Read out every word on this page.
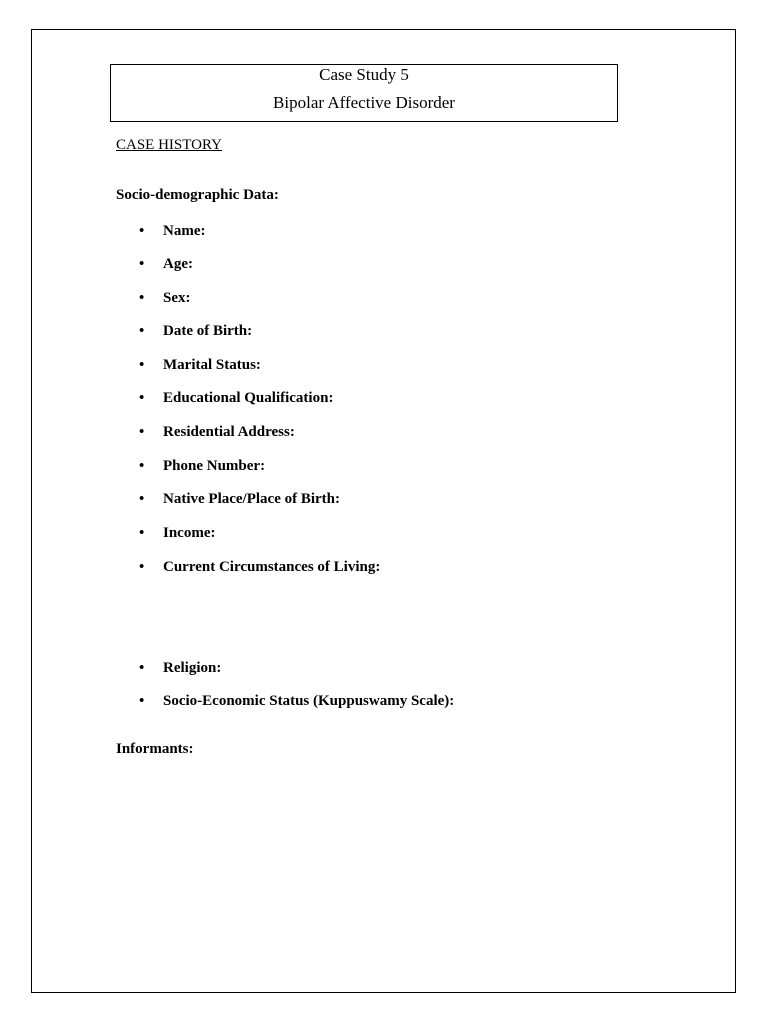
Case Study 5
Bipolar Affective Disorder
CASE HISTORY
Socio-demographic Data:
•	Name:
•	Age:
•	Sex:
•	Date of Birth:
•	Marital Status:
•	Educational Qualification:
•	Residential Address:
•	Phone Number:
•	Native Place/Place of Birth:
•	Income:
•	Current Circumstances of Living:
•	Religion:
•	Socio-Economic Status (Kuppuswamy Scale):
Informants:
